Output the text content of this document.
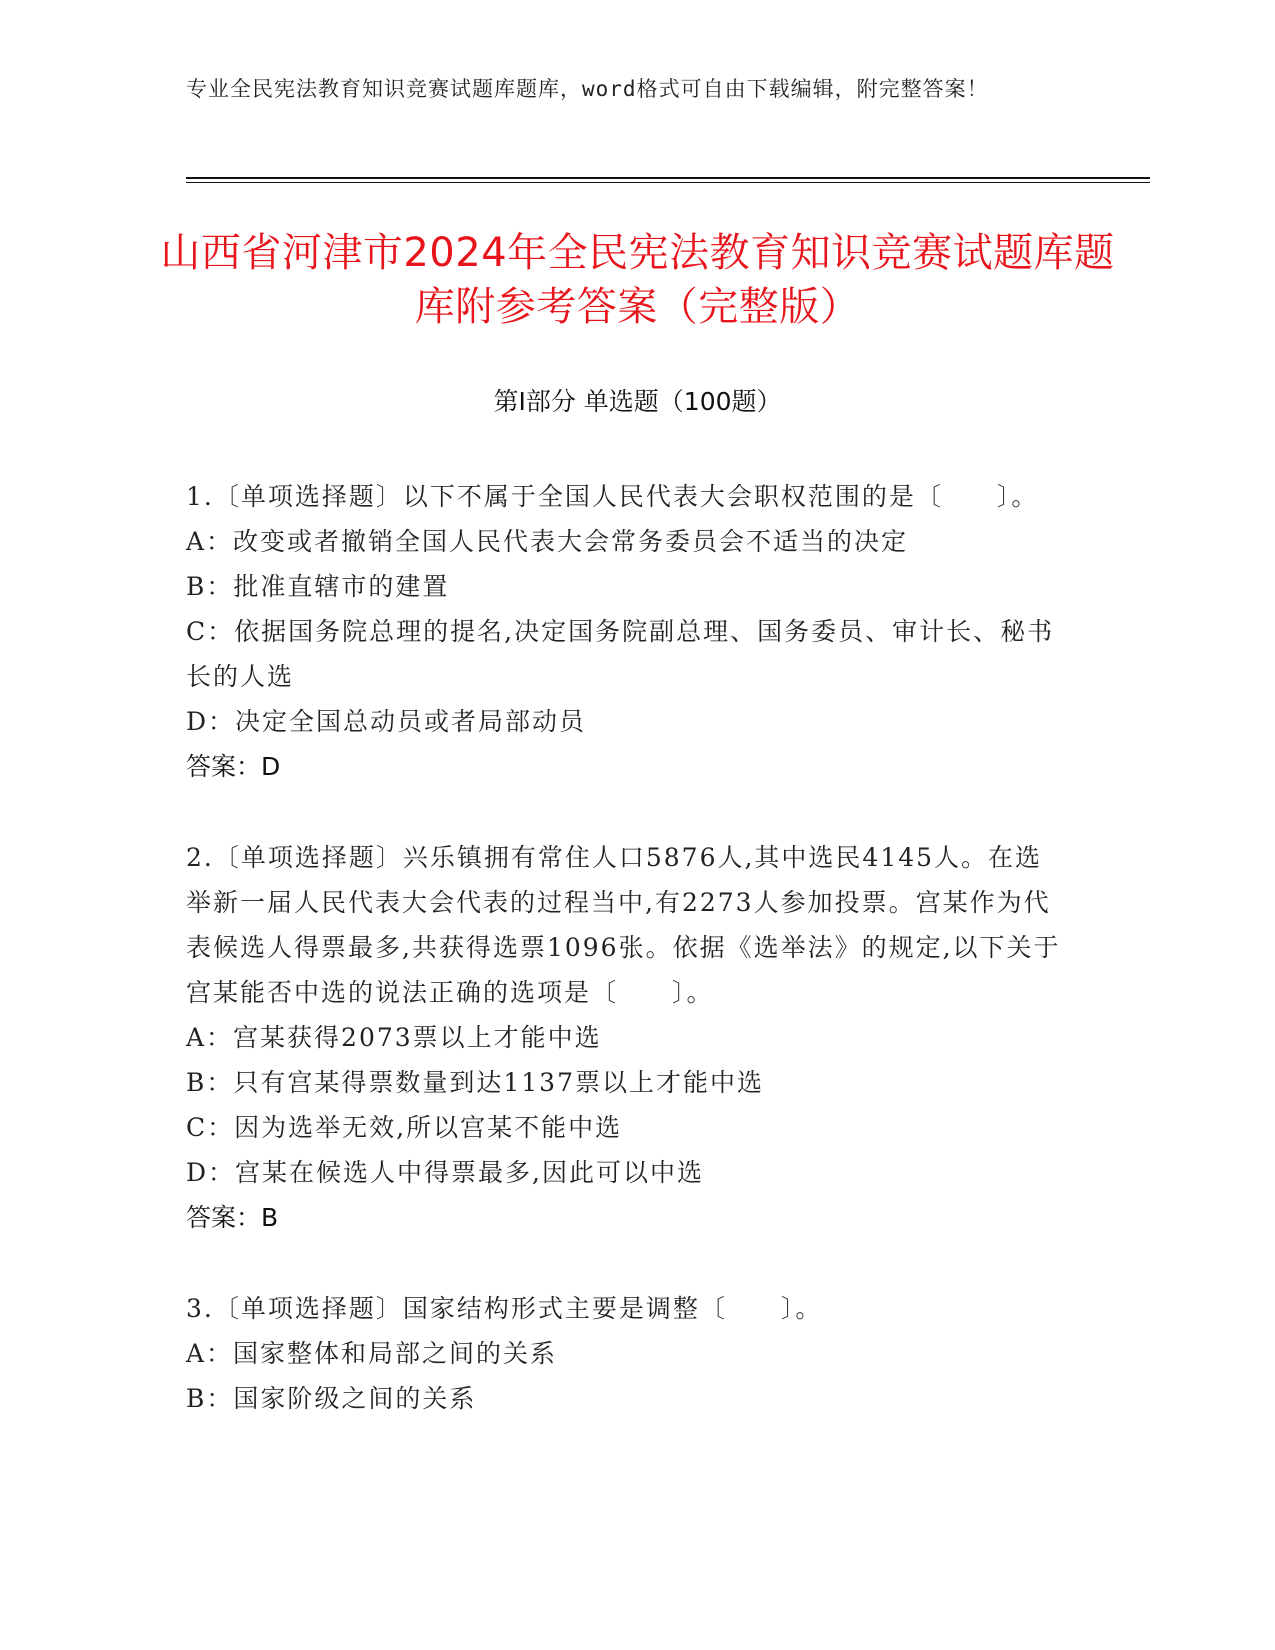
专业全民宪法教育知识竞赛试题库题库，word格式可自由下载编辑，附完整答案！
山西省河津市2024年全民宪法教育知识竞赛试题库题库附参考答案（完整版）
第Ⅰ部分 单选题（100题）
1.〔单项选择题〕以下不属于全国人民代表大会职权范围的是〔　　〕。
A：改变或者撤销全国人民代表大会常务委员会不适当的决定
B：批准直辖市的建置
C：依据国务院总理的提名,决定国务院副总理、国务委员、审计长、秘书长的人选
D：决定全国总动员或者局部动员
答案：D
2.〔单项选择题〕兴乐镇拥有常住人口5876人,其中选民4145人。在选举新一届人民代表大会代表的过程当中,有2273人参加投票。宫某作为代表候选人得票最多,共获得选票1096张。依据《选举法》的规定,以下关于宫某能否中选的说法正确的选项是〔　　〕。
A：宫某获得2073票以上才能中选
B：只有宫某得票数量到达1137票以上才能中选
C：因为选举无效,所以宫某不能中选
D：宫某在候选人中得票最多,因此可以中选
答案：B
3.〔单项选择题〕国家结构形式主要是调整〔　　〕。
A：国家整体和局部之间的关系
B：国家阶级之间的关系
